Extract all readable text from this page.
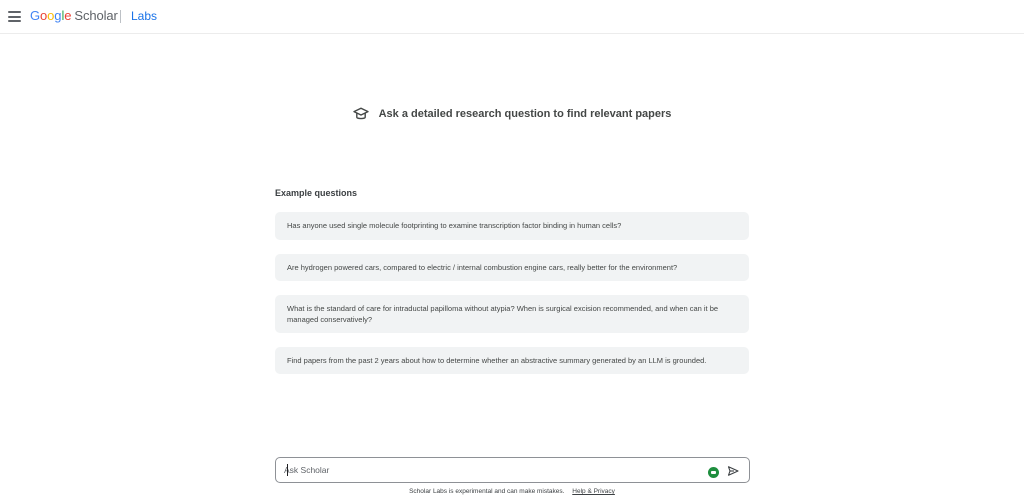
Google Scholar Labs
Ask a detailed research question to find relevant papers
Example questions
Has anyone used single molecule footprinting to examine transcription factor binding in human cells?
Are hydrogen powered cars, compared to electric / internal combustion engine cars, really better for the environment?
What is the standard of care for intraductal papilloma without atypia? When is surgical excision recommended, and when can it be managed conservatively?
Find papers from the past 2 years about how to determine whether an abstractive summary generated by an LLM is grounded.
Ask Scholar
Scholar Labs is experimental and can make mistakes. Help & Privacy
